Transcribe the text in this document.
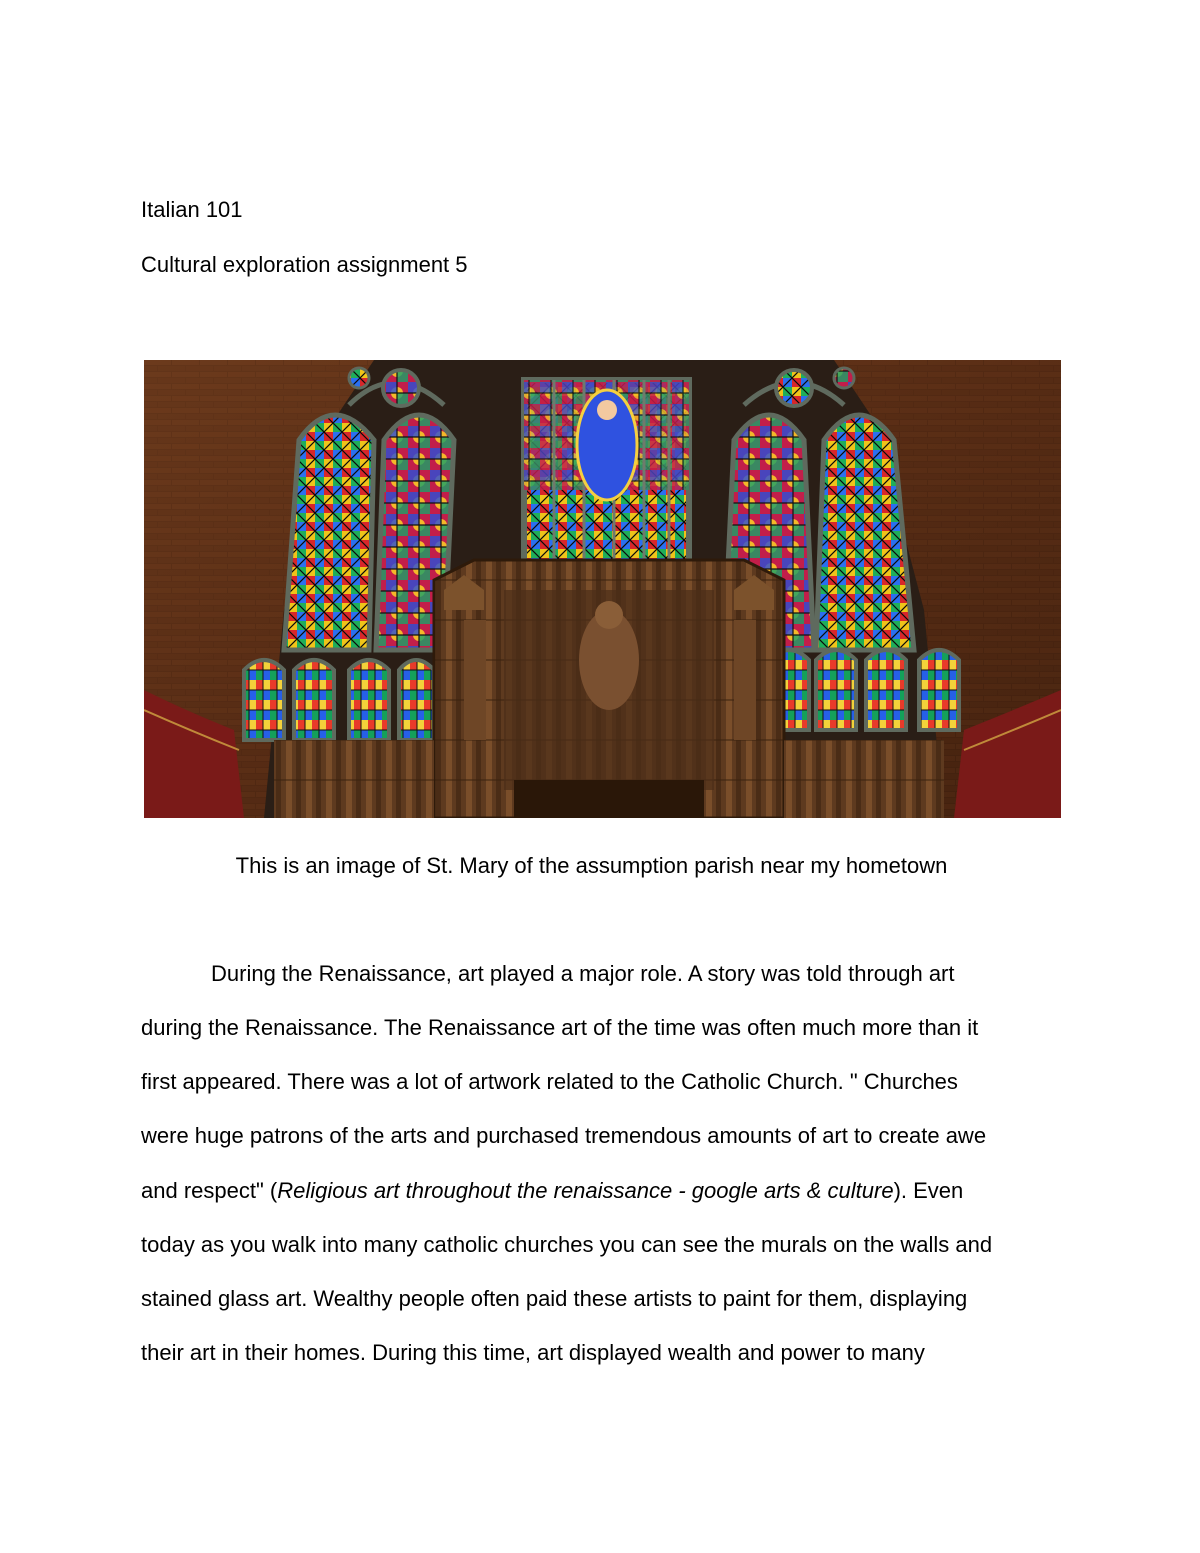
Italian 101
Cultural exploration assignment 5
This is an image of St. Mary of the assumption parish near my hometown
During the Renaissance, art played a major role. A story was told through art
during the Renaissance. The Renaissance art of the time was often much more than it
first appeared. There was a lot of artwork related to the Catholic Church. " Churches
were huge patrons of the arts and purchased tremendous amounts of art to create awe
and respect" (Religious art throughout the renaissance - google arts & culture). Even
today as you walk into many catholic churches you can see the murals on the walls and
stained glass art. Wealthy people often paid these artists to paint for them, displaying
their art in their homes. During this time, art displayed wealth and power to many
